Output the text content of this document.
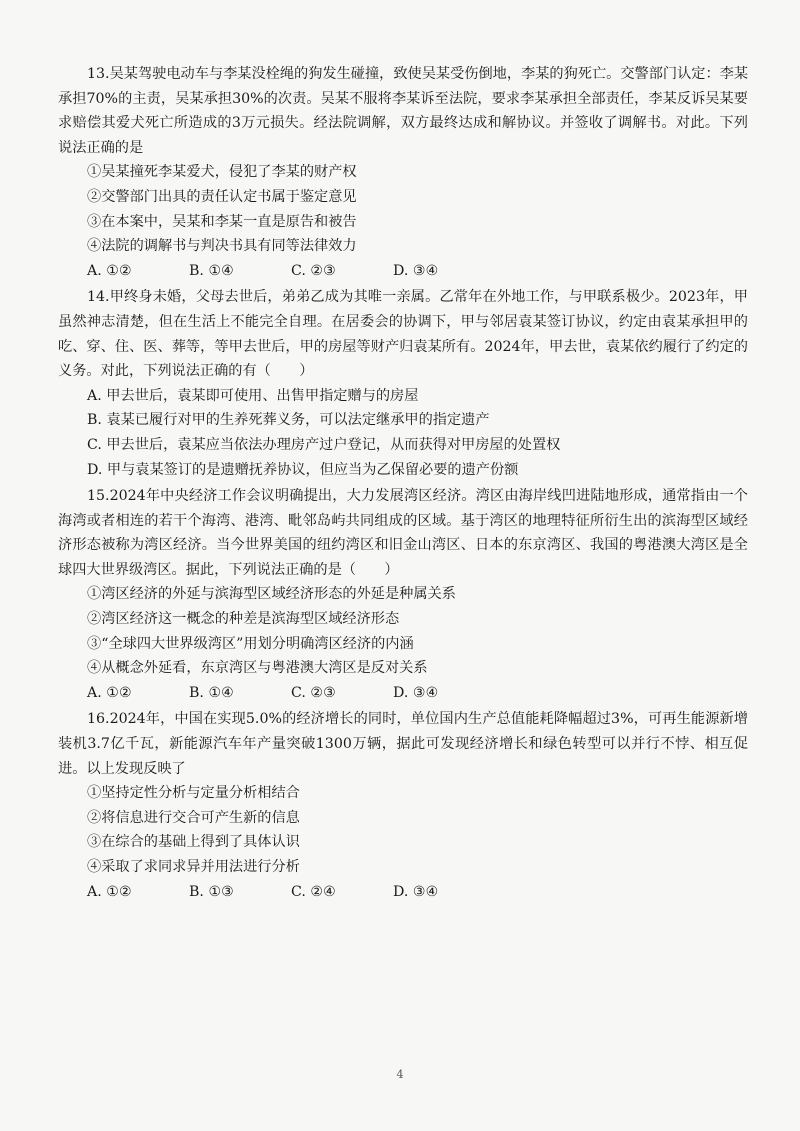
13.吴某驾驶电动车与李某没栓绳的狗发生碰撞，致使吴某受伤倒地，李某的狗死亡。交警部门认定：李某承担70%的主责，吴某承担30%的次责。吴某不服将李某诉至法院，要求李某承担全部责任，李某反诉吴某要求赔偿其爱犬死亡所造成的3万元损失。经法院调解，双方最终达成和解协议。并签收了调解书。对此。下列说法正确的是

①吴某撞死李某爱犬，侵犯了李某的财产权

②交警部门出具的责任认定书属于鉴定意见

③在本案中，吴某和李某一直是原告和被告

④法院的调解书与判决书具有同等法律效力

A. ①②	B. ①④	C. ②③	D. ③④

14.甲终身未婚，父母去世后，弟弟乙成为其唯一亲属。乙常年在外地工作，与甲联系极少。2023年，甲虽然神志清楚，但在生活上不能完全自理。在居委会的协调下，甲与邻居袁某签订协议，约定由袁某承担甲的吃、穿、住、医、葬等，等甲去世后，甲的房屋等财产归袁某所有。2024年，甲去世，袁某依约履行了约定的义务。对此，下列说法正确的有（　　）

A. 甲去世后，袁某即可使用、出售甲指定赠与的房屋

B. 袁某已履行对甲的生养死葬义务，可以法定继承甲的指定遗产

C. 甲去世后，袁某应当依法办理房产过户登记，从而获得对甲房屋的处置权

D. 甲与袁某签订的是遗赠抚养协议，但应当为乙保留必要的遗产份额

15.2024年中央经济工作会议明确提出，大力发展湾区经济。湾区由海岸线凹进陆地形成，通常指由一个海湾或者相连的若干个海湾、港湾、毗邻岛屿共同组成的区域。基于湾区的地理特征所衍生出的滨海型区域经济形态被称为湾区经济。当今世界美国的纽约湾区和旧金山湾区、日本的东京湾区、我国的粤港澳大湾区是全球四大世界级湾区。据此，下列说法正确的是（　　）

①湾区经济的外延与滨海型区域经济形态的外延是种属关系

②湾区经济这一概念的种差是滨海型区域经济形态

③“全球四大世界级湾区”用划分明确湾区经济的内涵

④从概念外延看，东京湾区与粤港澳大湾区是反对关系

A. ①②	B. ①④	C. ②③	D. ③④

16.2024年，中国在实现5.0%的经济增长的同时，单位国内生产总值能耗降幅超过3%，可再生能源新增装机3.7亿千瓦，新能源汽车年产量突破1300万辆，据此可发现经济增长和绿色转型可以并行不悖、相互促进。以上发现反映了

①坚持定性分析与定量分析相结合

②将信息进行交合可产生新的信息

③在综合的基础上得到了具体认识

④采取了求同求异并用法进行分析

A. ①②	B. ①③	C. ②④	D. ③④
4
